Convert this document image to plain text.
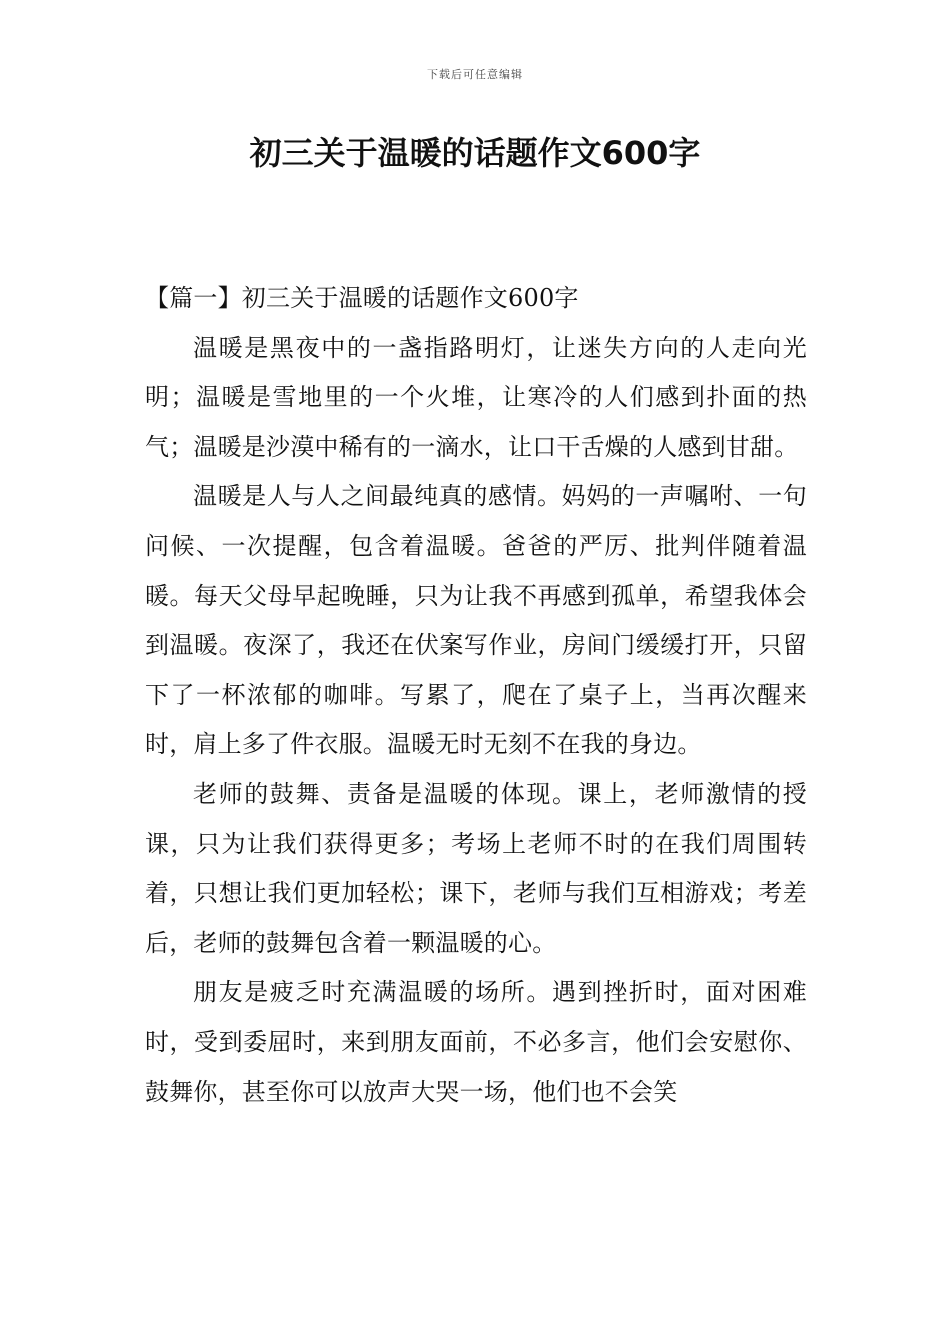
下载后可任意编辑
初三关于温暖的话题作文600字

【篇一】初三关于温暖的话题作文600字

温暖是黑夜中的一盏指路明灯，让迷失方向的人走向光明；温暖是雪地里的一个火堆，让寒冷的人们感到扑面的热气；温暖是沙漠中稀有的一滴水，让口干舌燥的人感到甘甜。

温暖是人与人之间最纯真的感情。妈妈的一声嘱咐、一句问候、一次提醒，包含着温暖。爸爸的严厉、批判伴随着温暖。每天父母早起晚睡，只为让我不再感到孤单，希望我体会到温暖。夜深了，我还在伏案写作业，房间门缓缓打开，只留下了一杯浓郁的咖啡。写累了，爬在了桌子上，当再次醒来时，肩上多了件衣服。温暖无时无刻不在我的身边。

老师的鼓舞、责备是温暖的体现。课上，老师激情的授课，只为让我们获得更多；考场上老师不时的在我们周围转着，只想让我们更加轻松；课下，老师与我们互相游戏；考差后，老师的鼓舞包含着一颗温暖的心。

朋友是疲乏时充满温暖的场所。遇到挫折时，面对困难时，受到委屈时，来到朋友面前，不必多言，他们会安慰你、鼓舞你，甚至你可以放声大哭一场，他们也不会笑
